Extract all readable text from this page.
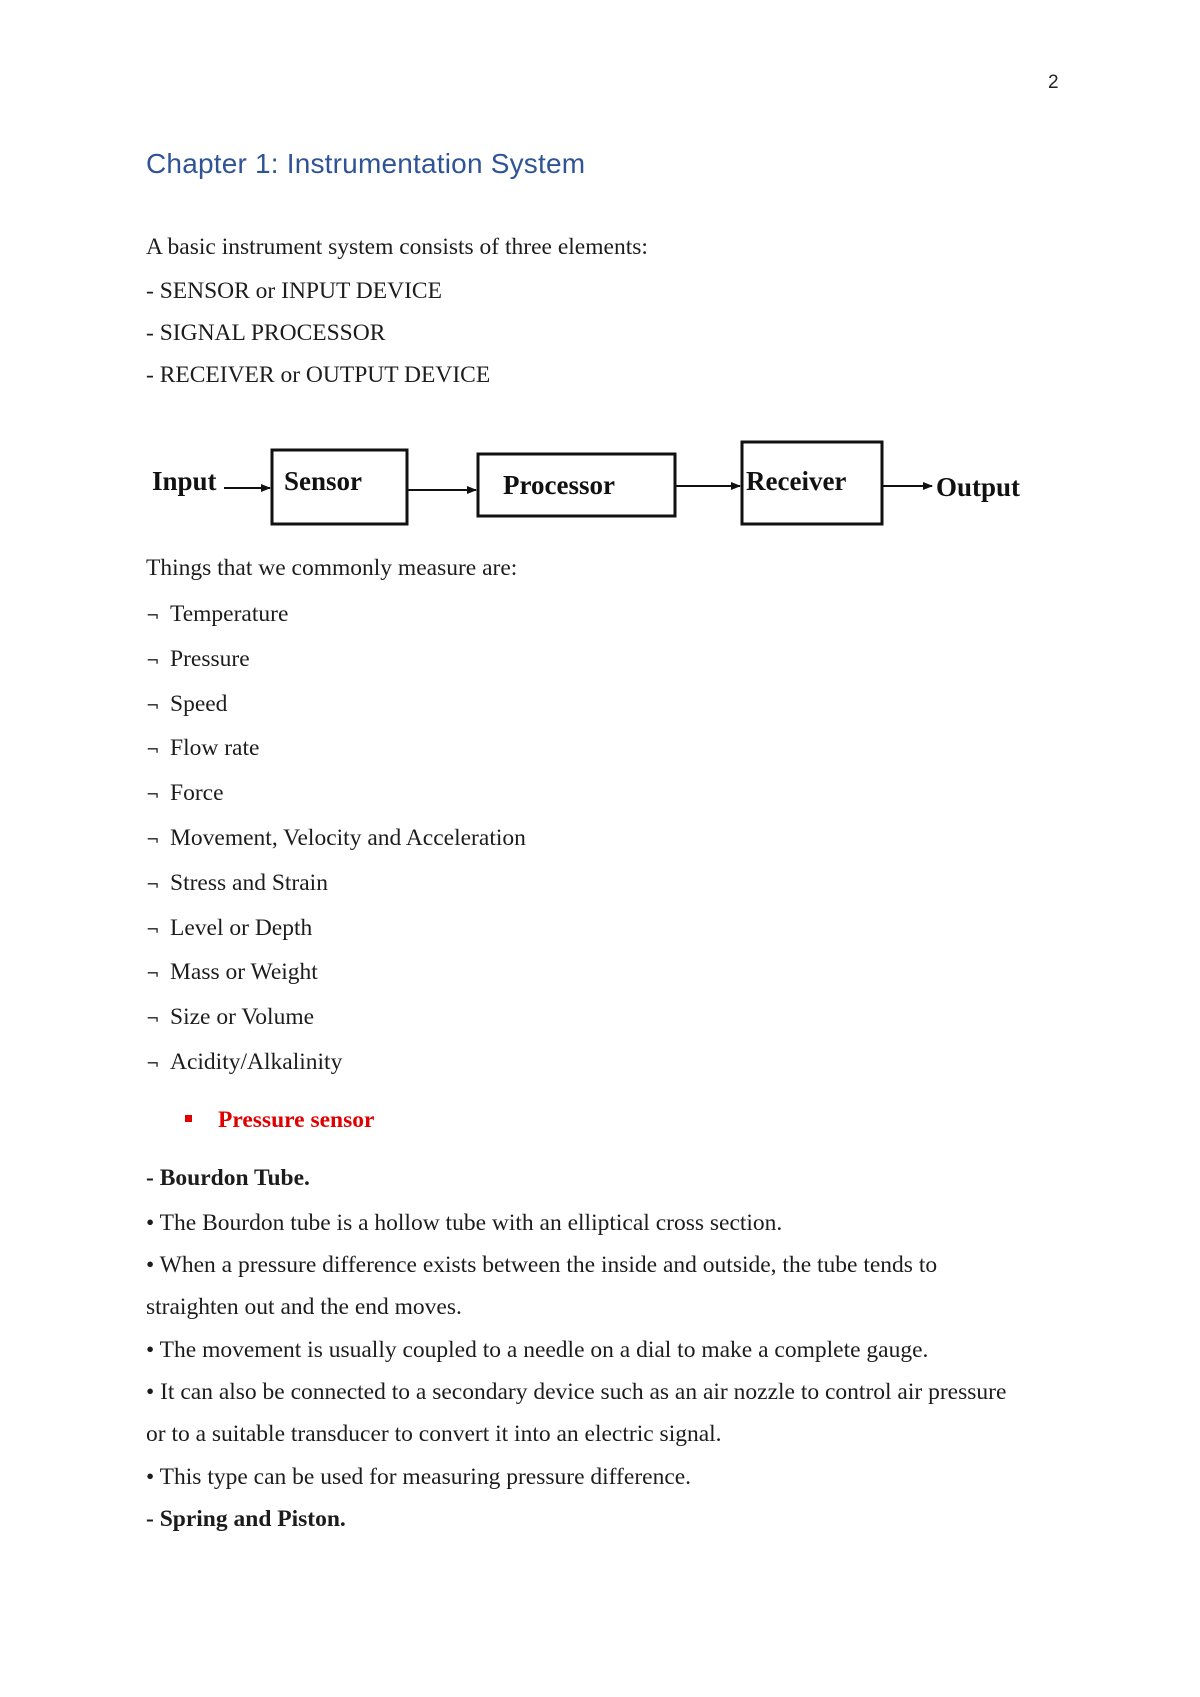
2
Chapter 1: Instrumentation System
A basic instrument system consists of three elements:
- SENSOR or INPUT DEVICE
- SIGNAL PROCESSOR
- RECEIVER or OUTPUT DEVICE
Input Sensor	Processor	Receiver	Output
Things that we commonly measure are:
¬ Temperature
¬ Pressure
¬ Speed
¬ Flow rate
¬ Force
¬ Movement, Velocity and Acceleration
¬ Stress and Strain
¬ Level or Depth
¬ Mass or Weight
¬ Size or Volume
¬ Acidity/Alkalinity
Pressure sensor
- Bourdon Tube.
• The Bourdon tube is a hollow tube with an elliptical cross section.
• When a pressure difference exists between the inside and outside, the tube tends to
straighten out and the end moves.
• The movement is usually coupled to a needle on a dial to make a complete gauge.
• It can also be connected to a secondary device such as an air nozzle to control air pressure
or to a suitable transducer to convert it into an electric signal.
• This type can be used for measuring pressure difference.
- Spring and Piston.
